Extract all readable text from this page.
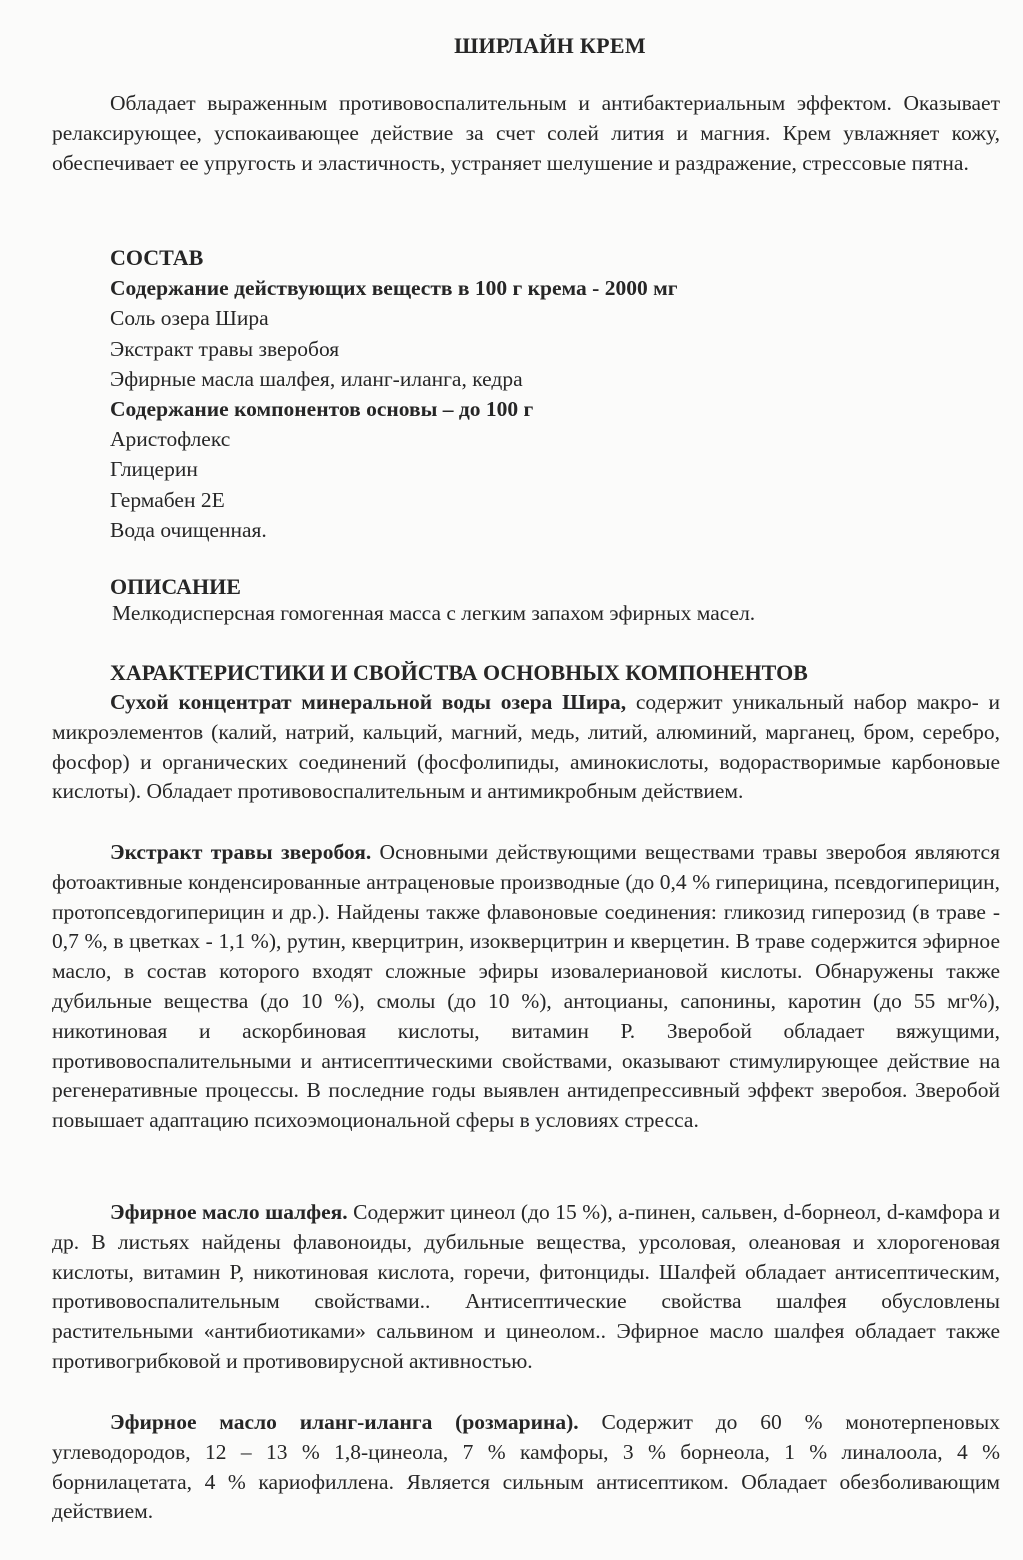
ШИРЛАЙН КРЕМ
Обладает выраженным противовоспалительным и антибактериальным эффектом. Оказывает релаксирующее, успокаивающее действие за счет солей лития и магния. Крем увлажняет кожу, обеспечивает ее упругость и эластичность, устраняет шелушение и раздражение, стрессовые пятна.
СОСТАВ
Содержание действующих веществ в 100 г крема - 2000 мг
Соль озера Шира
Экстракт травы зверобоя
Эфирные масла шалфея, иланг-иланга, кедра
Содержание компонентов основы – до 100 г
Аристофлекс
Глицерин
Гермабен 2Е
Вода очищенная.
ОПИСАНИЕ
Мелкодисперсная гомогенная масса с легким запахом эфирных масел.
ХАРАКТЕРИСТИКИ И СВОЙСТВА ОСНОВНЫХ КОМПОНЕНТОВ
Сухой концентрат минеральной воды озера Шира, содержит уникальный набор макро- и микроэлементов (калий, натрий, кальций, магний, медь, литий, алюминий, марганец, бром, серебро, фосфор) и органических соединений (фосфолипиды, аминокислоты, водорастворимые карбоновые кислоты). Обладает противовоспалительным и антимикробным действием.
Экстракт травы зверобоя. Основными действующими веществами травы зверобоя являются фотоактивные конденсированные антраценовые производные (до 0,4 % гиперицина, псевдогиперицин, протопсевдогиперицин и др.). Найдены также флавоновые соединения: гликозид гиперозид (в траве - 0,7 %, в цветках - 1,1 %), рутин, кверцитрин, изокверцитрин и кверцетин. В траве содержится эфирное масло, в состав которого входят сложные эфиры изовалериановой кислоты. Обнаружены также дубильные вещества (до 10 %), смолы (до 10 %), антоцианы, сапонины, каротин (до 55 мг%), никотиновая и аскорбиновая кислоты, витамин Р. Зверобой обладает вяжущими, противовоспалительными и антисептическими свойствами, оказывают стимулирующее действие на регенеративные процессы. В последние годы выявлен антидепрессивный эффект зверобоя. Зверобой повышает адаптацию психоэмоциональной сферы в условиях стресса.
Эфирное масло шалфея. Содержит цинеол (до 15 %), а-пинен, сальвен, d-борнеол, d-камфора и др. В листьях найдены флавоноиды, дубильные вещества, урсоловая, олеановая и хлорогеновая кислоты, витамин Р, никотиновая кислота, горечи, фитонциды. Шалфей обладает антисептическим, противовоспалительным свойствами.. Антисептические свойства шалфея обусловлены растительными «антибиотиками» сальвином и цинеолом.. Эфирное масло шалфея обладает также противогрибковой и противовирусной активностью.
Эфирное масло иланг-иланга (розмарина). Содержит до 60 % монотерпеновых углеводородов, 12 – 13 % 1,8-цинеола, 7 % камфоры, 3 % борнеола, 1 % линалоола, 4 % борнилацетата, 4 % кариофиллена. Является сильным антисептиком. Обладает обезболивающим действием.
